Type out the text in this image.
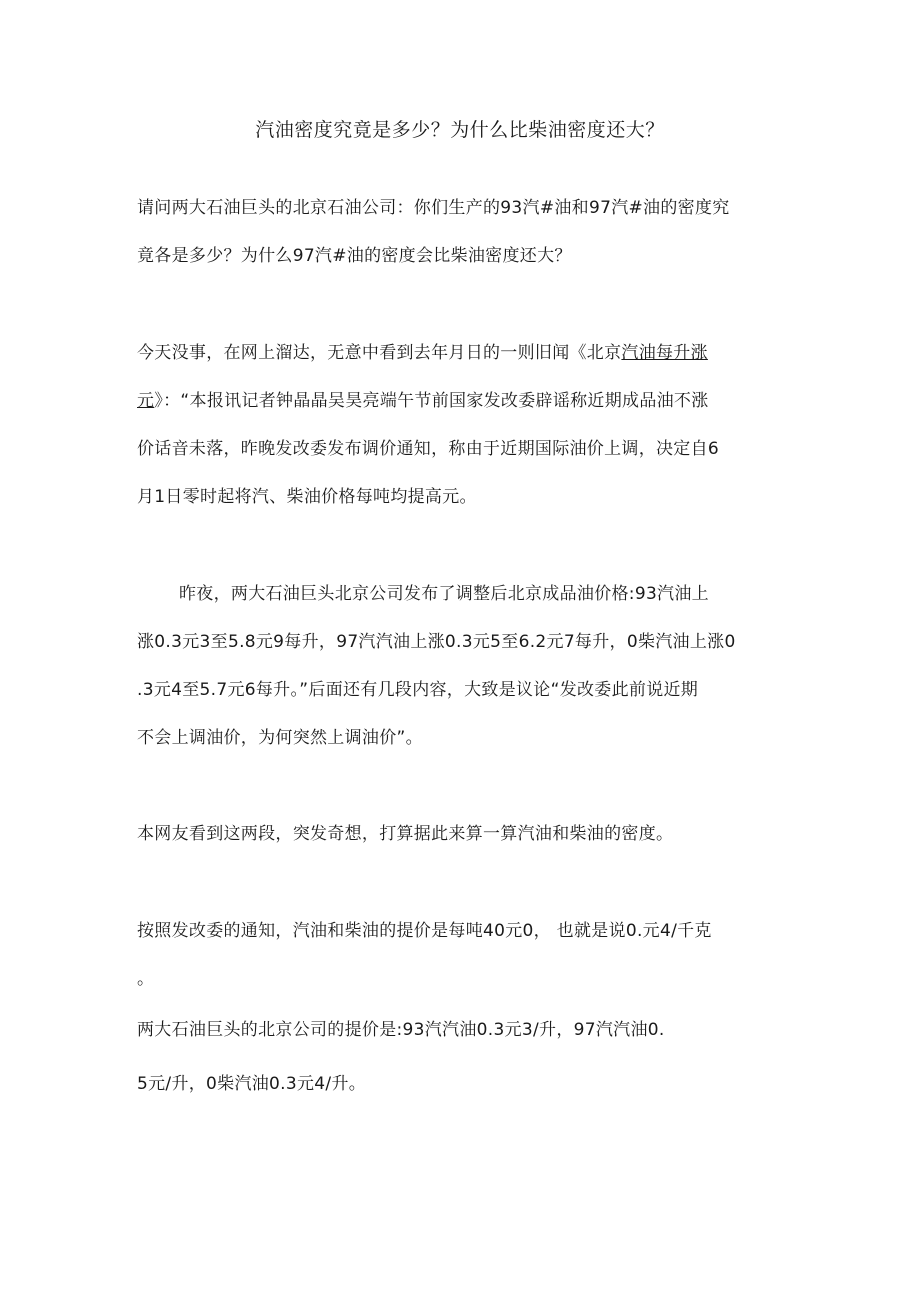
汽油密度究竟是多少？为什么比柴油密度还大？

请问两大石油巨头的北京石油公司：你们生产的93汽#油和97汽#油的密度究

竟各是多少？为什么97汽#油的密度会比柴油密度还大？

今天没事，在网上溜达，无意中看到去年月日的一则旧闻《北京汽油每升涨

元》：“本报讯记者钟晶晶吴昊亮端午节前国家发改委辟谣称近期成品油不涨

价话音未落，昨晚发改委发布调价通知，称由于近期国际油价上调，决定自6

月1日零时起将汽、柴油价格每吨均提高元。

昨夜，两大石油巨头北京公司发布了调整后北京成品油价格:93汽油上

涨0.3元3至5.8元9每升，97汽汽油上涨0.3元5至6.2元7每升，0柴汽油上涨0

.3元4至5.7元6每升。”后面还有几段内容，大致是议论“发改委此前说近期

不会上调油价，为何突然上调油价”。

本网友看到这两段，突发奇想，打算据此来算一算汽油和柴油的密度。

按照发改委的通知，汽油和柴油的提价是每吨40元0， 也就是说0.元4/千克

。

两大石油巨头的北京公司的提价是:93汽汽油0.3元3/升，97汽汽油0.

5元/升，0柴汽油0.3元4/升。
